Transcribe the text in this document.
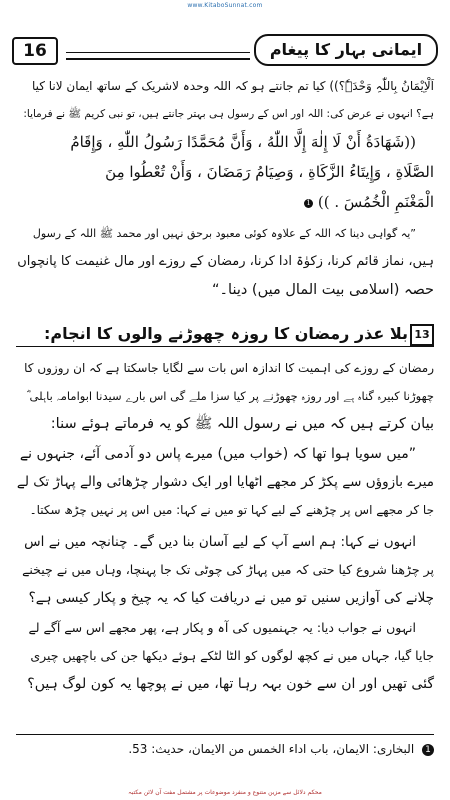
www.KitaboSunnat.com
16	ایمانی بہار کا پیغام
اَلْاِیْمَانُ بِاللّٰہِ وَحْدَہٗ؟)) کیا تم جانتے ہو کہ اللہ وحدہ لاشریک کے ساتھ ایمان لانا کیا
ہے؟ انہوں نے عرض کی: اللہ اور اس کے رسول ہی بہتر جانتے ہیں، تو نبی کریم ﷺ نے فرمایا:
((شَهَادَةُ أَنْ لَا إِلٰهَ إِلَّا اللّٰهُ ، وَأَنَّ مُحَمَّدًا رَسُولُ اللّٰهِ ، وَإِقَامُ
الصَّلَاةِ ، وَإِيتَاءُ الزَّكَاةِ ، وَصِيَامُ رَمَضَانَ ، وَأَنْ تُعْطُوا مِنَ
الْمَغْنَمِ الْخُمُسَ . )) 1
”یہ گواہی دینا کہ اللہ کے علاوہ کوئی معبود برحق نہیں اور محمد ﷺ اللہ کے رسول
ہیں، نماز قائم کرنا، زکوٰۃ ادا کرنا، رمضان کے روزے اور مال غنیمت کا پانچواں
حصہ (اسلامی بیت المال میں) دینا۔“
13
بلا عذر رمضان کا روزہ چھوڑنے والوں کا انجام:
رمضان کے روزے کی اہمیت کا اندازہ اس بات سے لگایا جاسکتا ہے کہ ان روزوں کا
چھوڑنا کبیرہ گناہ ہے اور روزہ چھوڑنے پر کیا سزا ملے گی اس بارے سیدنا ابوامامہ باہلی ؓ
بیان کرتے ہیں کہ میں نے رسول اللہ ﷺ کو یہ فرماتے ہوئے سنا:
”میں سویا ہوا تھا کہ (خواب میں) میرے پاس دو آدمی آئے، جنہوں نے
میرے بازوؤں سے پکڑ کر مجھے اٹھایا اور ایک دشوار چڑھائی والے پہاڑ تک لے
جا کر مجھے اس پر چڑھنے کے لیے کہا تو میں نے کہا: میں اس پر نہیں چڑھ سکتا۔
انہوں نے کہا: ہم اسے آپ کے لیے آسان بنا دیں گے۔ چنانچہ میں نے اس
پر چڑھنا شروع کیا حتی کہ میں پہاڑ کی چوٹی تک جا پہنچا، وہاں میں نے چیخنے
چلانے کی آوازیں سنیں تو میں نے دریافت کیا کہ یہ چیخ و پکار کیسی ہے؟
انہوں نے جواب دیا: یہ جہنمیوں کی آہ و پکار ہے، پھر مجھے اس سے آگے لے
جایا گیا، جہاں میں نے کچھ لوگوں کو الٹا لٹکے ہوئے دیکھا جن کی باچھیں چیری
گئی تھیں اور ان سے خون بہہ رہا تھا، میں نے پوچھا یہ کون لوگ ہیں؟
1 البخاری: الایمان، باب اداء الخمس من الایمان، حدیث: 53.
محکم دلائل سے مزین متنوع و منفرد موضوعات پر مشتمل مفت آن لائن مکتبہ
